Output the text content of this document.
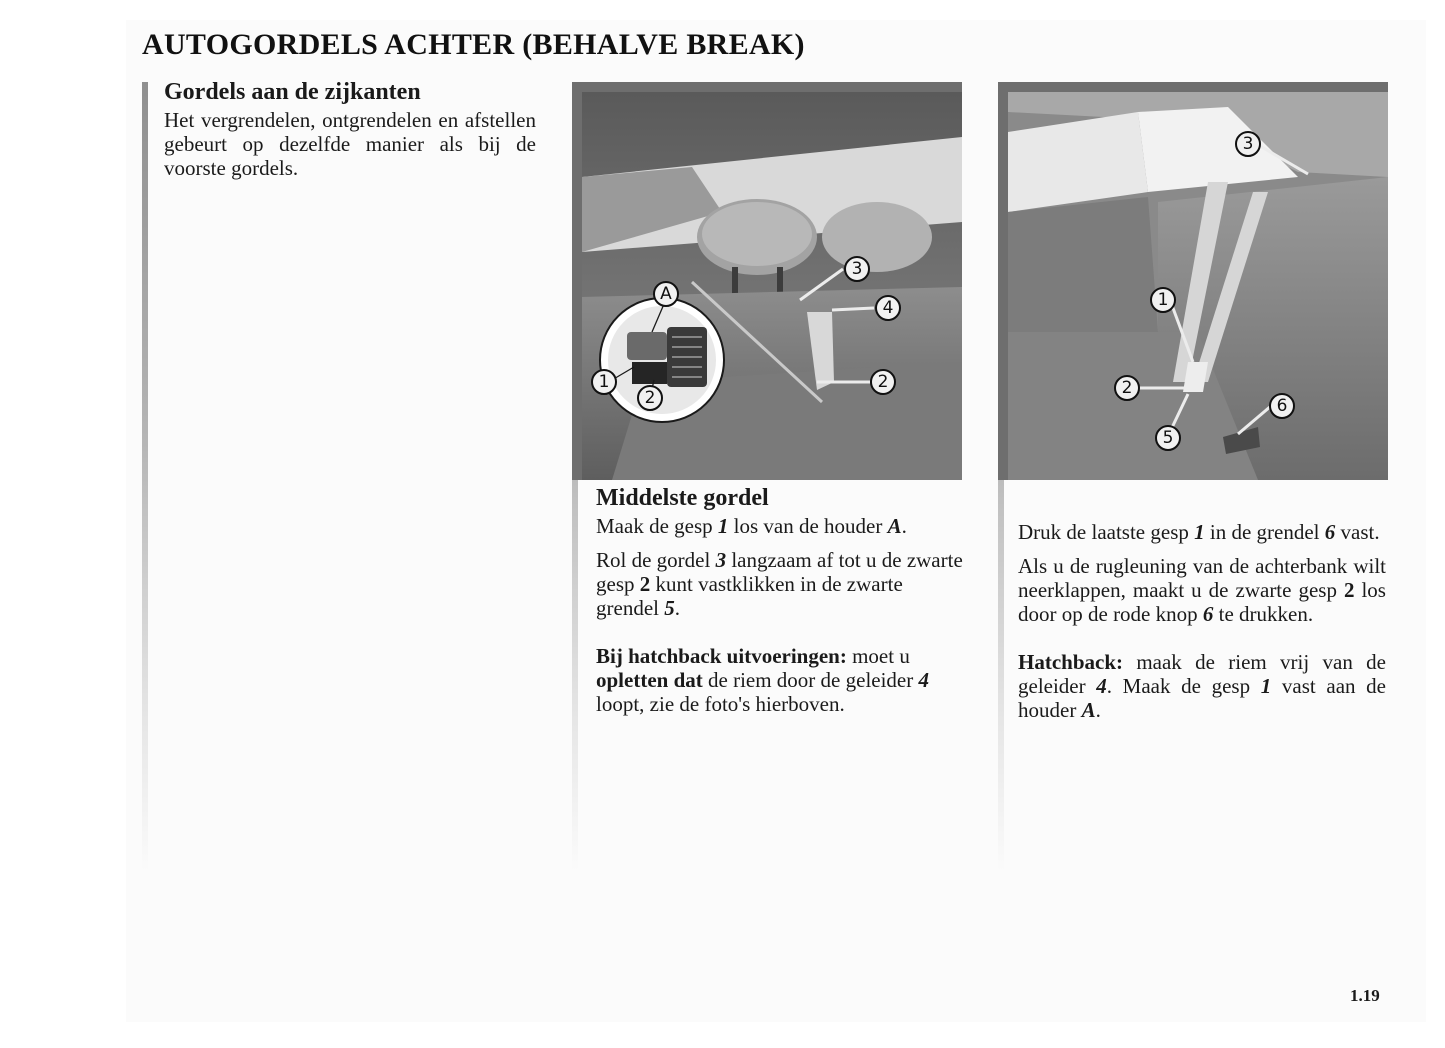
AUTOGORDELS ACHTER (BEHALVE BREAK)
Gordels aan de zijkanten

Het vergrendelen, ontgrendelen en afstellen gebeurt op dezelfde manier als bij de voorste gordels.

A
1
2
3
4
2
Middelste gordel

Maak de gesp 1 los van de houder A.

Rol de gordel 3 langzaam af tot u de zwarte gesp 2 kunt vastklikken in de zwarte grendel 5.

Bij hatchback uitvoeringen: moet u opletten dat de riem door de geleider 4 loopt, zie de foto's hierboven.

3
1
2
5
6

Druk de laatste gesp 1 in de grendel 6 vast.

Als u de rugleuning van de achterbank wilt neerklappen, maakt u de zwarte gesp 2 los door op de rode knop 6 te drukken.

Hatchback: maak de riem vrij van de geleider 4. Maak de gesp 1 vast aan de houder A.

1.19
